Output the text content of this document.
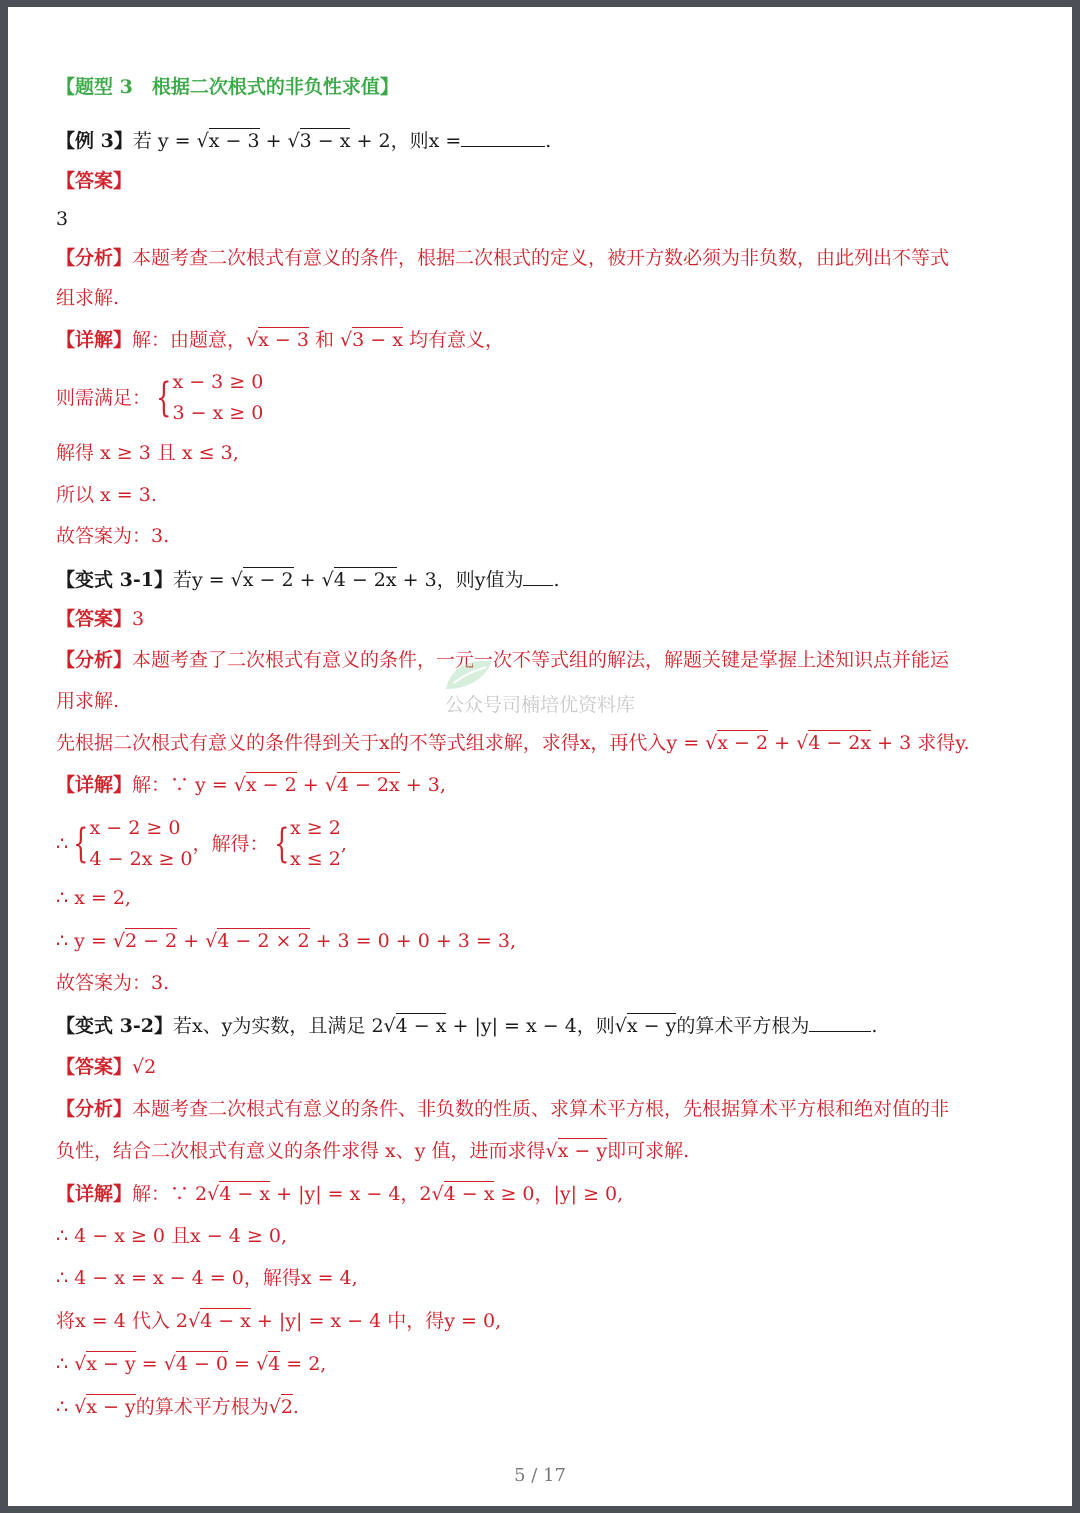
【题型 3　根据二次根式的非负性求值】
【例 3】若 y = √x − 3 + √3 − x + 2，则x =	.
【答案】
3
【分析】本题考查二次根式有意义的条件，根据二次根式的定义，被开方数必须为非负数，由此列出不等式
组求解.
【详解】解：由题意，√x − 3 和 √3 − x 均有意义，
则需满足： {x − 3 ≥ 0
3 − x ≥ 0
解得 x ≥ 3 且 x ≤ 3,
所以 x = 3.
故答案为：3.
【变式 3-1】若y = √x − 2 + √4 − 2x + 3，则y值为 .
【答案】3
【分析】本题考查了二次根式有意义的条件，一元一次不等式组的解法，解题关键是掌握上述知识点并能运
用求解.
先根据二次根式有意义的条件得到关于x的不等式组求解，求得x，再代入y = √x − 2 + √4 − 2x + 3 求得y.
【详解】解：∵ y = √x − 2 + √4 − 2x + 3,
∴ {x − 2 ≥ 0
4 − 2x ≥ 0，解得： {x ≥ 2
x ≤ 2,
∴ x = 2,
∴ y = √2 − 2 + √4 − 2 × 2 + 3 = 0 + 0 + 3 = 3,
故答案为：3.
【变式 3-2】若x、y为实数，且满足 2√4 − x + |y| = x − 4，则√x − y的算术平方根为	.
【答案】√2
【分析】本题考查二次根式有意义的条件、非负数的性质、求算术平方根，先根据算术平方根和绝对值的非
负性，结合二次根式有意义的条件求得 x、y 值，进而求得√x − y即可求解.
【详解】解：∵ 2√4 − x + |y| = x − 4，2√4 − x ≥ 0，|y| ≥ 0,
∴ 4 − x ≥ 0 且x − 4 ≥ 0,
∴ 4 − x = x − 4 = 0，解得x = 4,
将x = 4 代入 2√4 − x + |y| = x − 4 中，得y = 0,
∴ √x − y = √4 − 0 = √4 = 2,
∴ √x − y的算术平方根为√2.
公众号司楠培优资料库
5 / 17
